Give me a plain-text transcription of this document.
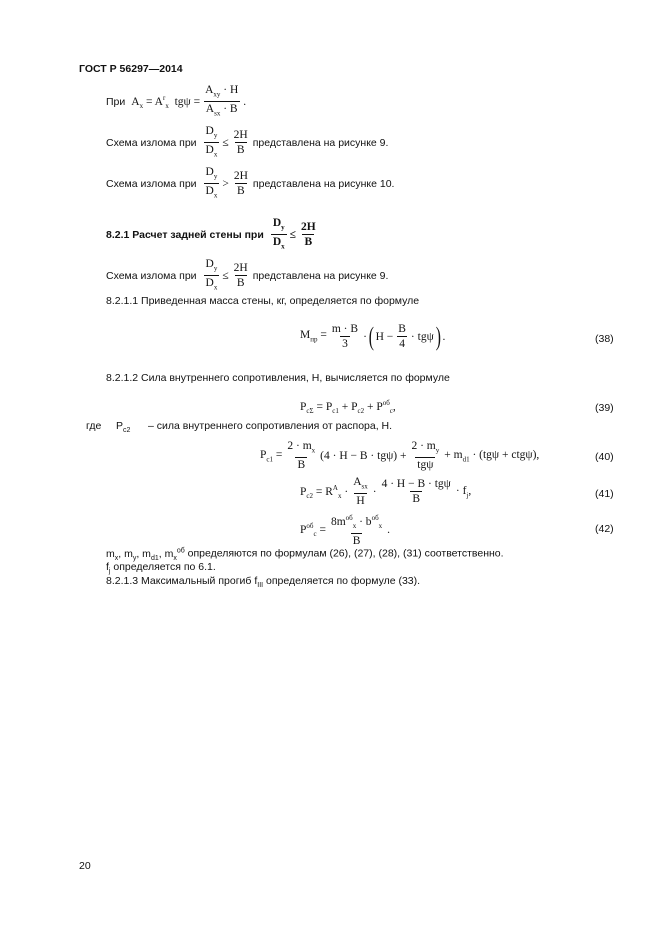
ГОСТ Р 56297—2014
При $A_x = A^r_x$  $tg\psi = \frac{A_{xy} \cdot H}{A_{sx} \cdot B}$ .
Схема излома при $\frac{D_y}{D_x} \le \frac{2H}{B}$ представлена на рисунке 9.
Схема излома при $\frac{D_y}{D_x} > \frac{2H}{B}$ представлена на рисунке 10.
8.2.1 Расчет задней стены при $\frac{D_y}{D_x} \le \frac{2H}{B}$
Схема излома при $\frac{D_y}{D_x} \le \frac{2H}{B}$ представлена на рисунке 9.
8.2.1.1 Приведенная масса стены, кг, определяется по формуле
$M_{пр} = \frac{m \cdot B}{3}$ · ( $H - \frac{B}{4} \cdot tg\psi$ ) .	(38)
8.2.1.2 Сила внутреннего сопротивления, Н, вычисляется по формуле
$P_{c\Sigma} = P_{c1} + P_{c2} + P^{об}_c$,	(39)
где $P_{c2}$ – сила внутреннего сопротивления от распора, Н.
$P_{c1} = \frac{2 \cdot m_x}{B} (4 \cdot H - B \cdot tg\psi) + \frac{2 \cdot m_y}{\text{tgψ}} + m_{d1} \cdot (tg\psi + ctg\psi)$,	(40)
$P_{c2} = R^A_x \cdot \frac{A_{sx}}{H} \cdot \frac{\text{4 · H − B · tgψ}}{B} \cdot f_j$,	(41)
$P^{об}_c = \frac{8m^{об}_x \cdot b^{об}_x}{B}$ .	(42)
$m_x$, $m_y$, $m_{d1}$, $m_x^{об}$ определяются по формулам (26), (27), (28), (31) соответственно.
$f_j$ определяется по 6.1.
8.2.1.3 Максимальный прогиб $f_{III}$ определяется по формуле (33).
20
